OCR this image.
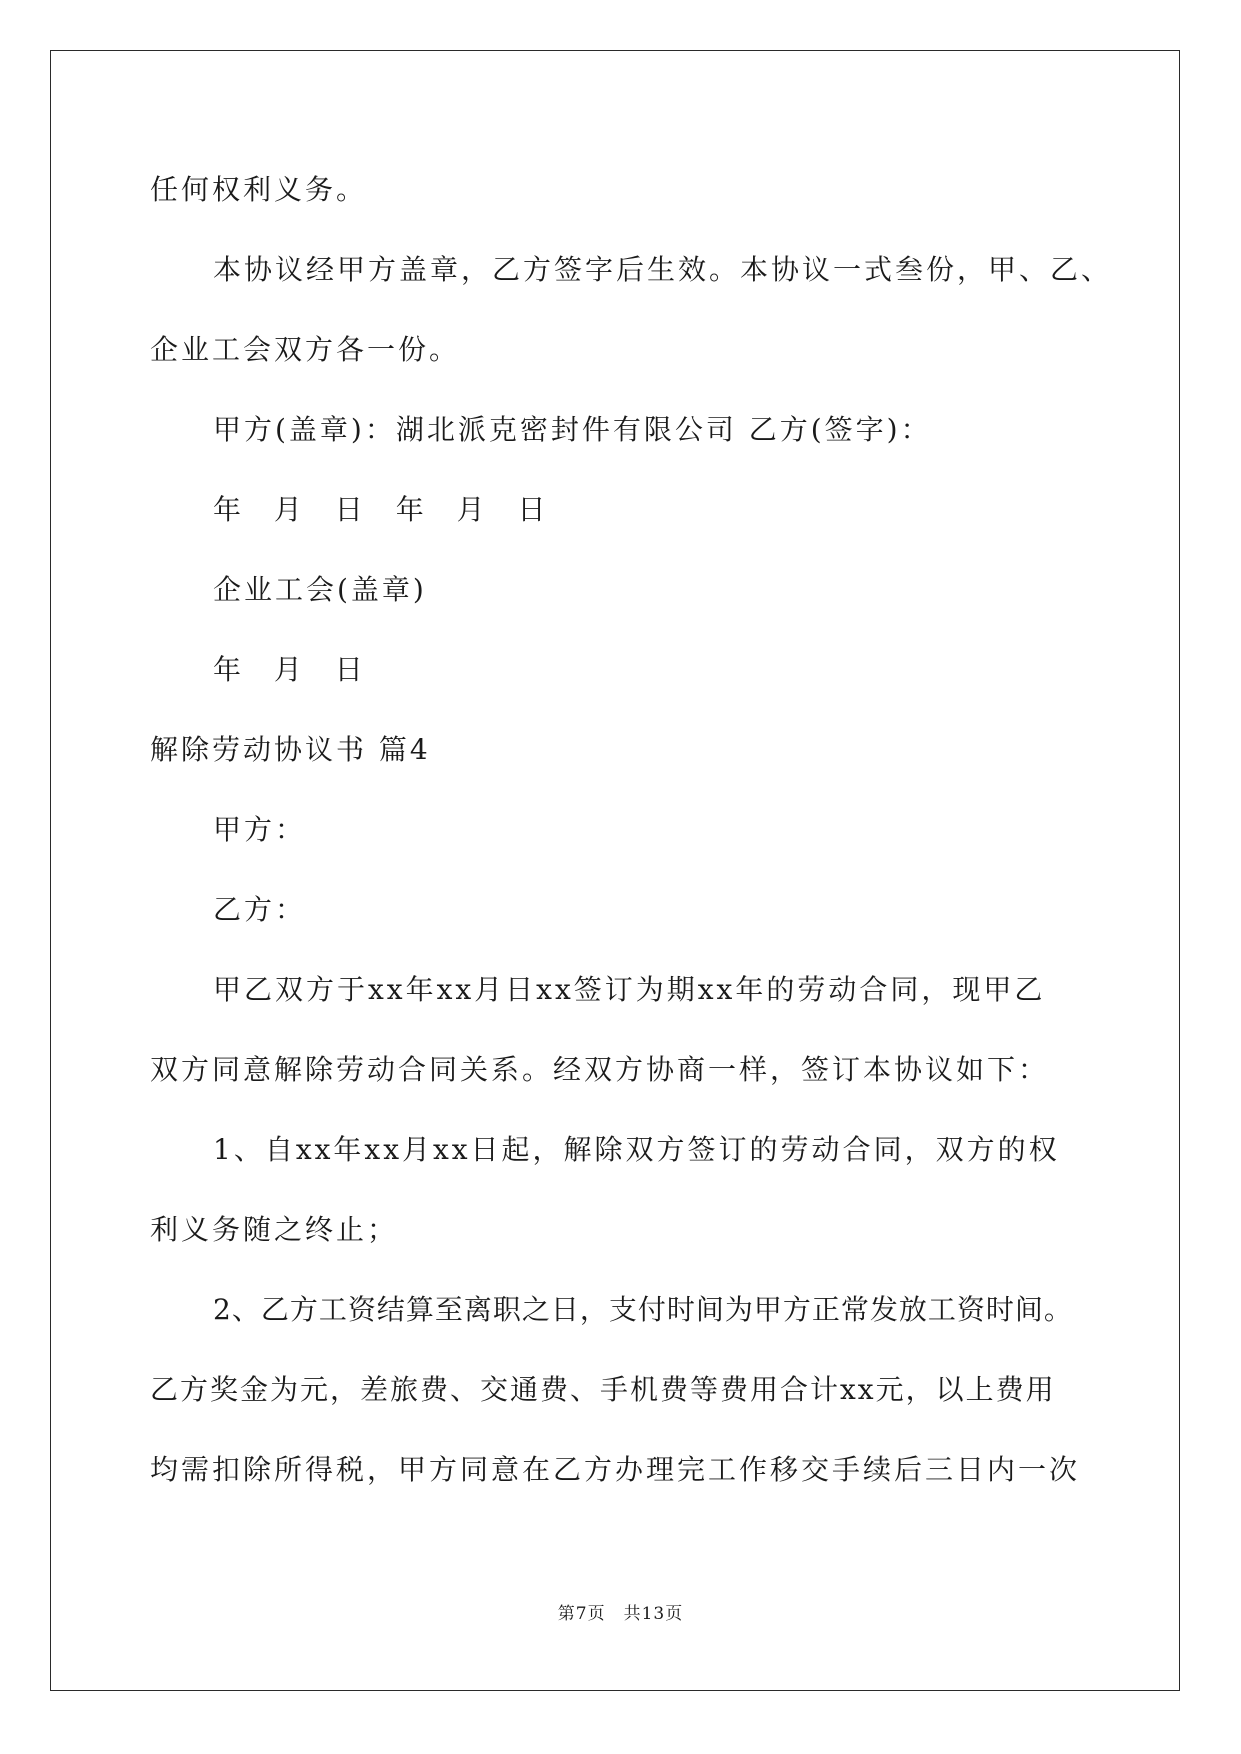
任何权利义务。
本协议经甲方盖章，乙方签字后生效。本协议一式叁份，甲、乙、
企业工会双方各一份。
甲方(盖章)：湖北派克密封件有限公司 乙方(签字)：
年 月 日 年 月 日
企业工会(盖章)
年 月 日
解除劳动协议书 篇4
甲方：
乙方：
甲乙双方于xx年xx月日xx签订为期xx年的劳动合同，现甲乙
双方同意解除劳动合同关系。经双方协商一样，签订本协议如下：
1、自xx年xx月xx日起，解除双方签订的劳动合同，双方的权
利义务随之终止；
2、乙方工资结算至离职之日，支付时间为甲方正常发放工资时间。
乙方奖金为元，差旅费、交通费、手机费等费用合计xx元，以上费用
均需扣除所得税，甲方同意在乙方办理完工作移交手续后三日内一次
第7页　共13页
